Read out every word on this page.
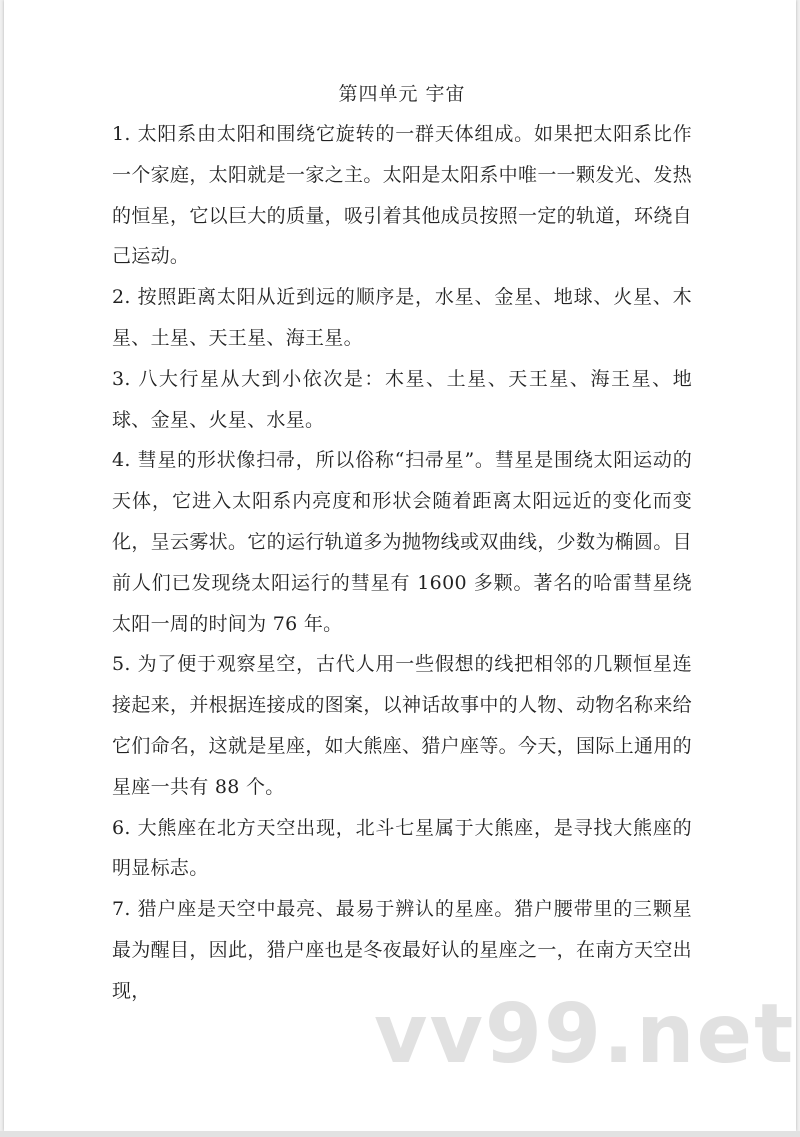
第四单元 宇宙

1. 太阳系由太阳和围绕它旋转的一群天体组成。如果把太阳系比作一个家庭，太阳就是一家之主。太阳是太阳系中唯一一颗发光、发热的恒星，它以巨大的质量，吸引着其他成员按照一定的轨道，环绕自己运动。

2. 按照距离太阳从近到远的顺序是，水星、金星、地球、火星、木星、土星、天王星、海王星。

3. 八大行星从大到小依次是：木星、土星、天王星、海王星、地球、金星、火星、水星。

4. 彗星的形状像扫帚，所以俗称“扫帚星”。彗星是围绕太阳运动的天体，它进入太阳系内亮度和形状会随着距离太阳远近的变化而变化，呈云雾状。它的运行轨道多为抛物线或双曲线，少数为椭圆。目前人们已发现绕太阳运行的彗星有 1600 多颗。著名的哈雷彗星绕太阳一周的时间为 76 年。

5. 为了便于观察星空，古代人用一些假想的线把相邻的几颗恒星连接起来，并根据连接成的图案，以神话故事中的人物、动物名称来给它们命名，这就是星座，如大熊座、猎户座等。今天，国际上通用的星座一共有 88 个。

6. 大熊座在北方天空出现，北斗七星属于大熊座，是寻找大熊座的明显标志。

7. 猎户座是天空中最亮、最易于辨认的星座。猎户腰带里的三颗星最为醒目，因此，猎户座也是冬夜最好认的星座之一，在南方天空出现，	vv99.net
